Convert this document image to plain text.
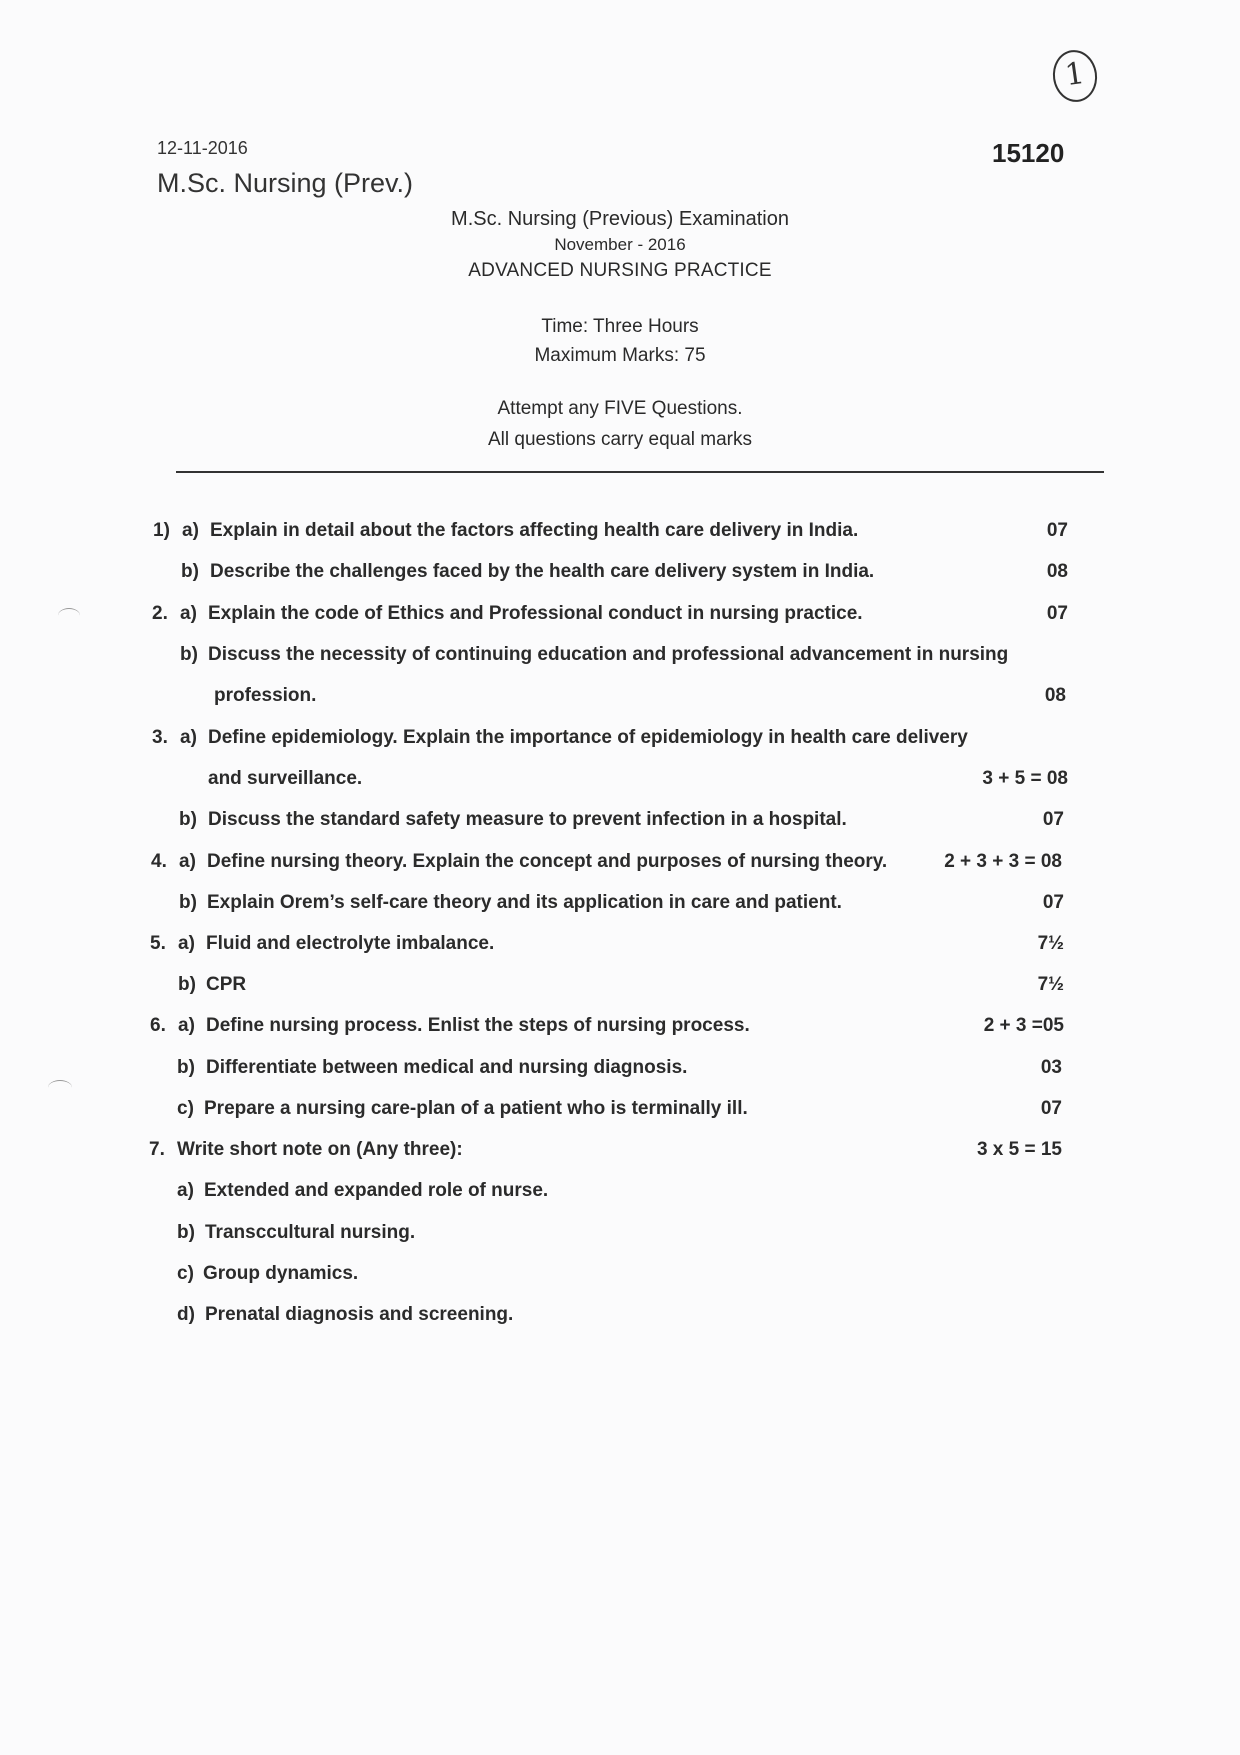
1
12-11-2016	15120
M.Sc. Nursing (Prev.)
M.Sc. Nursing (Previous) Examination
November - 2016
ADVANCED NURSING PRACTICE
Time: Three Hours
Maximum Marks: 75
Attempt any FIVE Questions.
All questions carry equal marks
1) a) Explain in detail about the factors affecting health care delivery in India.	07
b) Describe the challenges faced by the health care delivery system in India.	08
2. a) Explain the code of Ethics and Professional conduct in nursing practice.	07
b) Discuss the necessity of continuing education and professional advancement in nursing
profession.	08
3. a) Define epidemiology. Explain the importance of epidemiology in health care delivery
and surveillance.	3 + 5 = 08
b) Discuss the standard safety measure to prevent infection in a hospital.	07
4. a) Define nursing theory. Explain the concept and purposes of nursing theory.	2 + 3 + 3 = 08
b) Explain Orem’s self-care theory and its application in care and patient.	07
5. a) Fluid and electrolyte imbalance.	7½
b) CPR	7½
6. a) Define nursing process. Enlist the steps of nursing process.	2 + 3 =05
b) Differentiate between medical and nursing diagnosis.	03
c) Prepare a nursing care-plan of a patient who is terminally ill.	07
7. Write short note on (Any three):	3 x 5 = 15
a) Extended and expanded role of nurse.
b) Transccultural nursing.
c) Group dynamics.
d) Prenatal diagnosis and screening.
